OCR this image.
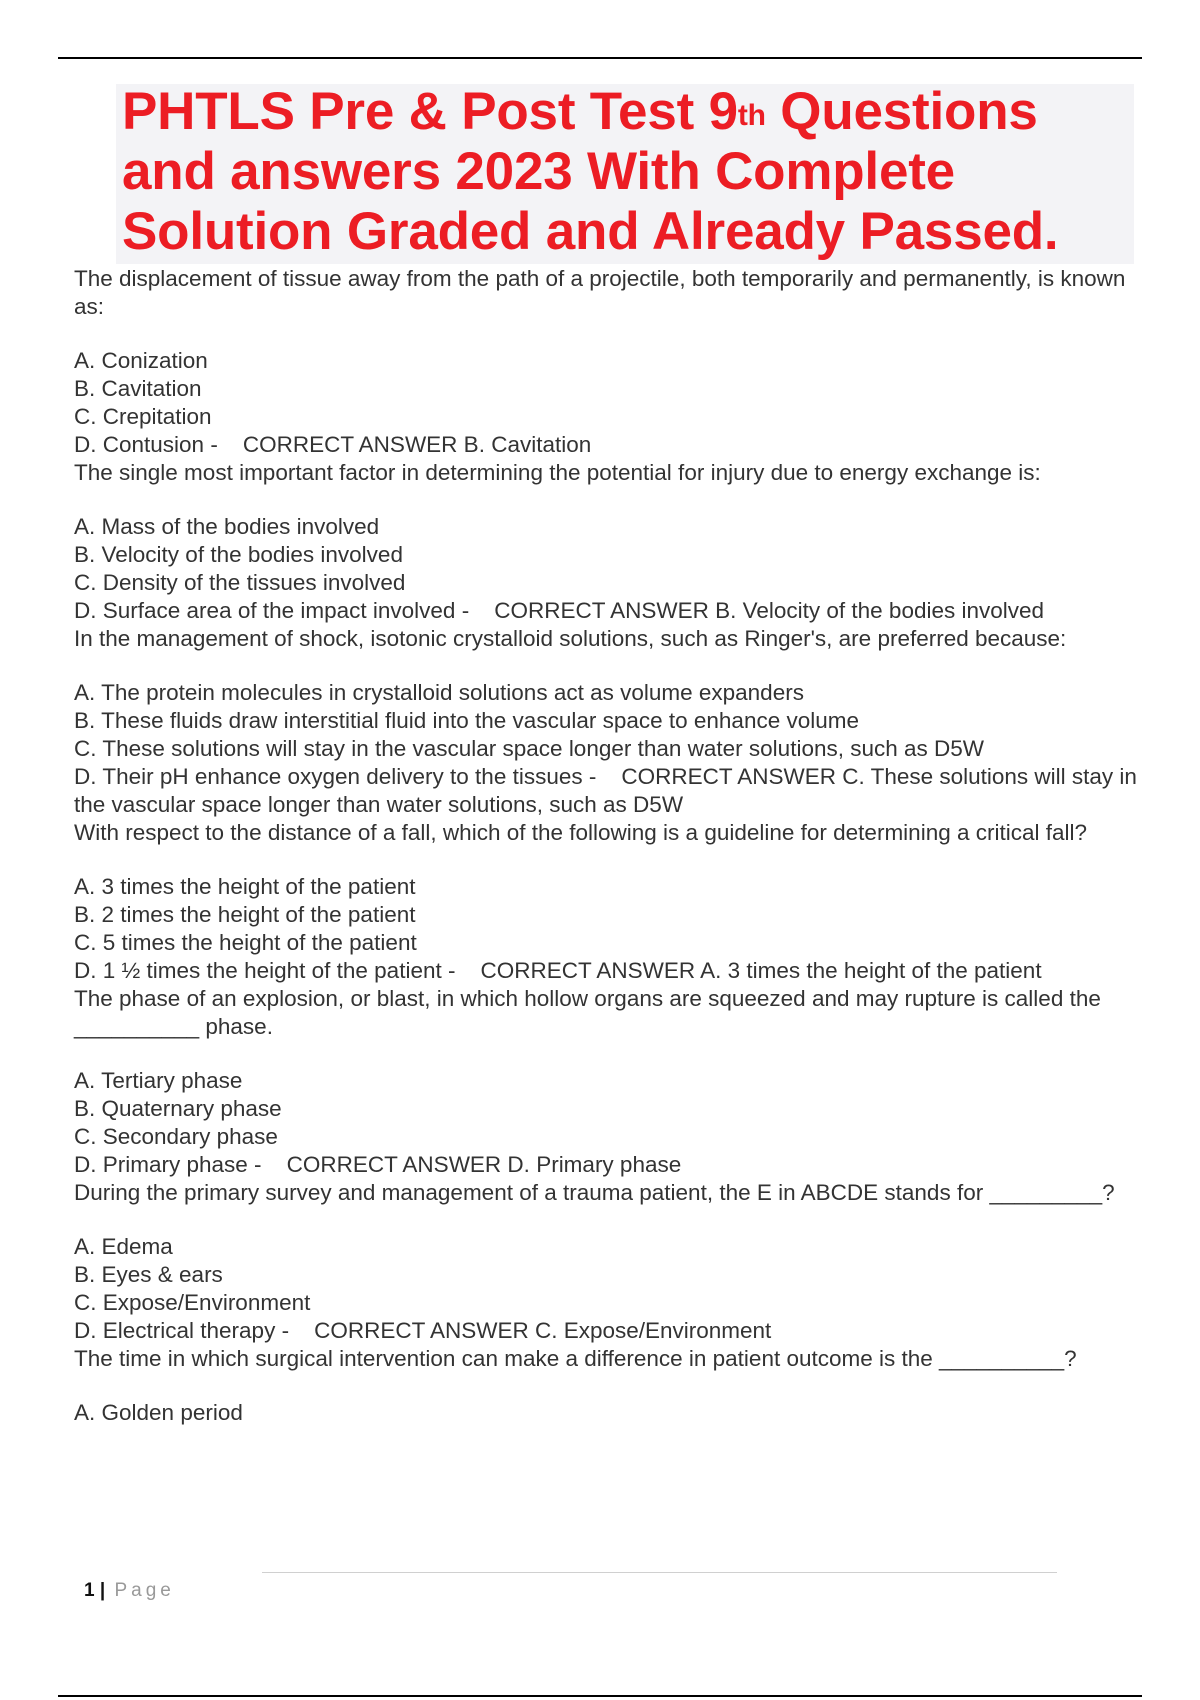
PHTLS Pre & Post Test 9th Questions
and answers 2023 With Complete
Solution Graded and Already Passed.

The displacement of tissue away from the path of a projectile, both temporarily and permanently, is known as:

A. Conization

B. Cavitation

C. Crepitation

D. Contusion - CORRECT ANSWER B. Cavitation

The single most important factor in determining the potential for injury due to energy exchange is:

A. Mass of the bodies involved

B. Velocity of the bodies involved

C. Density of the tissues involved

D. Surface area of the impact involved - CORRECT ANSWER B. Velocity of the bodies involved

In the management of shock, isotonic crystalloid solutions, such as Ringer's, are preferred because:

A. The protein molecules in crystalloid solutions act as volume expanders

B. These fluids draw interstitial fluid into the vascular space to enhance volume

C. These solutions will stay in the vascular space longer than water solutions, such as D5W

D. Their pH enhance oxygen delivery to the tissues - CORRECT ANSWER C. These solutions will stay in the vascular space longer than water solutions, such as D5W

With respect to the distance of a fall, which of the following is a guideline for determining a critical fall?

A. 3 times the height of the patient

B. 2 times the height of the patient

C. 5 times the height of the patient

D. 1 ½ times the height of the patient - CORRECT ANSWER A. 3 times the height of the patient

The phase of an explosion, or blast, in which hollow organs are squeezed and may rupture is called the __________ phase.

A. Tertiary phase

B. Quaternary phase

C. Secondary phase

D. Primary phase - CORRECT ANSWER D. Primary phase

During the primary survey and management of a trauma patient, the E in ABCDE stands for _________?

A. Edema

B. Eyes & ears

C. Expose/Environment

D. Electrical therapy - CORRECT ANSWER C. Expose/Environment

The time in which surgical intervention can make a difference in patient outcome is the __________?

A. Golden period

1 | Page
